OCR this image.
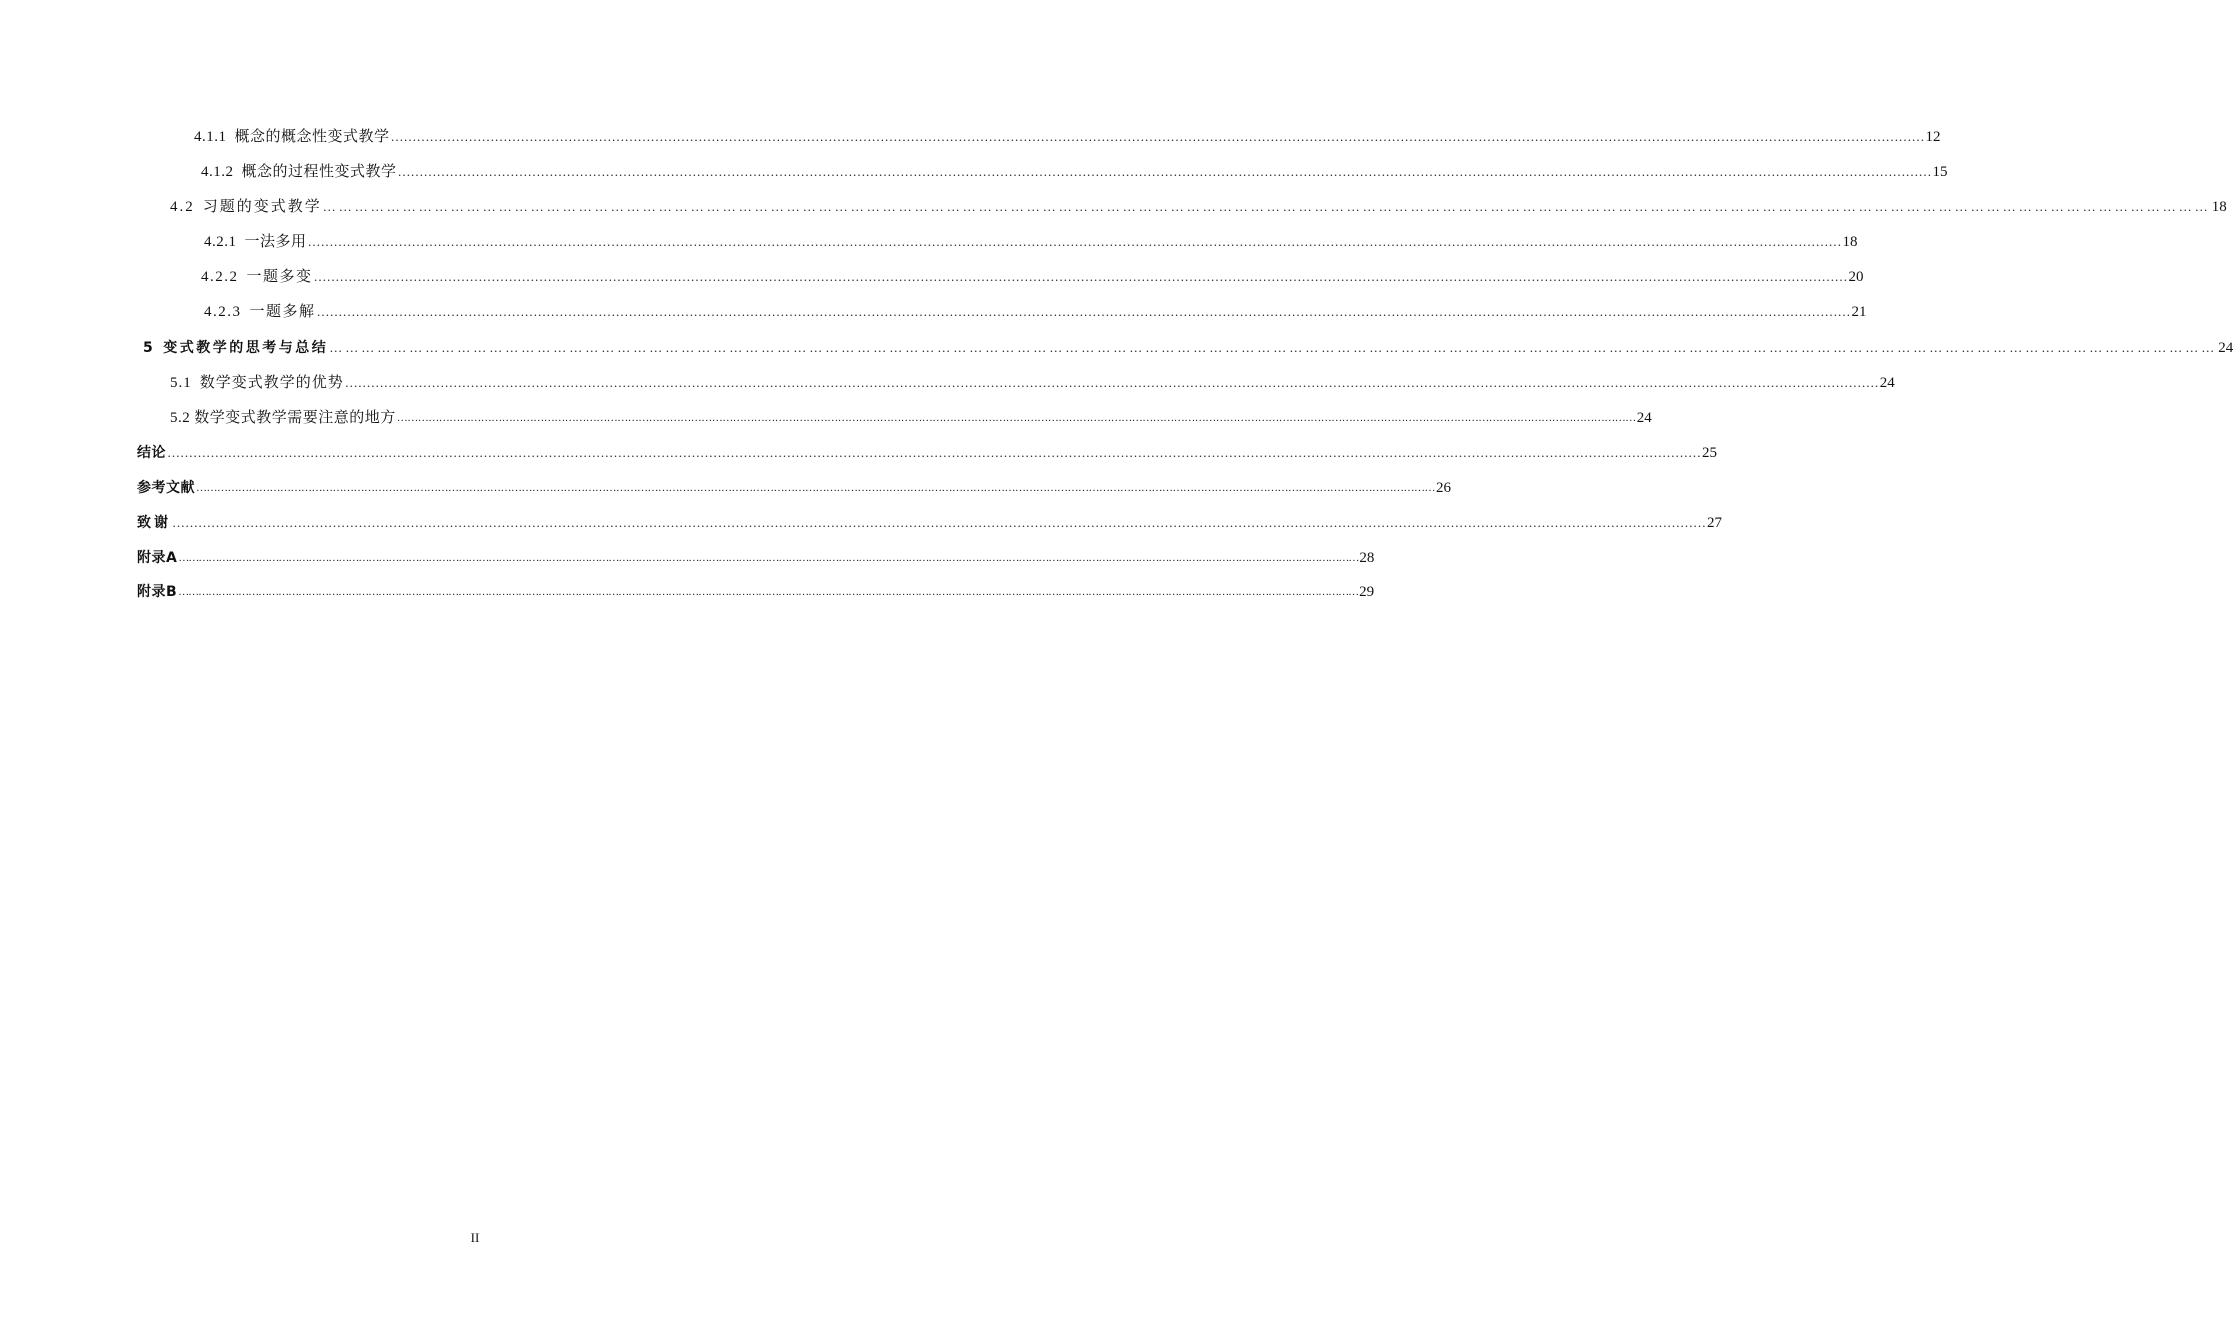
4.1.1 概念的概念性变式教学 ………………………………………………………………………………………………………………………………………………………………………………………………………………………………………………………………………………………………………………………… 12
4.1.2 概念的过程性变式教学 ………………………………………………………………………………………………………………………………………………………………………………………………………………………………………………………………………………………………………………………… 15
4.2 习题的变式教学 ………………………………………………………………………………………………………………………………………………………………………………………………………………………………………………………………………………………………………………………… 18
4.2.1 一法多用 ………………………………………………………………………………………………………………………………………………………………………………………………………………………………………………………………………………………………………………………… 18
4.2.2 一题多变 ………………………………………………………………………………………………………………………………………………………………………………………………………………………………………………………………………………………………………………………… 20
4.2.3 一题多解 ………………………………………………………………………………………………………………………………………………………………………………………………………………………………………………………………………………………………………………………… 21
5 变式教学的思考与总结 ………………………………………………………………………………………………………………………………………………………………………………………………………………………………………………………………………………………………………………………… 24
5.1 数学变式教学的优势 ………………………………………………………………………………………………………………………………………………………………………………………………………………………………………………………………………………………………………………………… 24
5.2 数学变式教学需要注意的地方 ………………………………………………………………………………………………………………………………………………………………………………………………………………………………………………………………………………………………………………………… 24
结论 ………………………………………………………………………………………………………………………………………………………………………………………………………………………………………………………………………………………………………………………… 25
参考文献 ………………………………………………………………………………………………………………………………………………………………………………………………………………………………………………………………………………………………………………………… 26
致谢 ………………………………………………………………………………………………………………………………………………………………………………………………………………………………………………………………………………………………………………………… 27
附录A ………………………………………………………………………………………………………………………………………………………………………………………………………………………………………………………………………………………………………………………… 28
附录B ………………………………………………………………………………………………………………………………………………………………………………………………………………………………………………………………………………………………………………………… 29
II
